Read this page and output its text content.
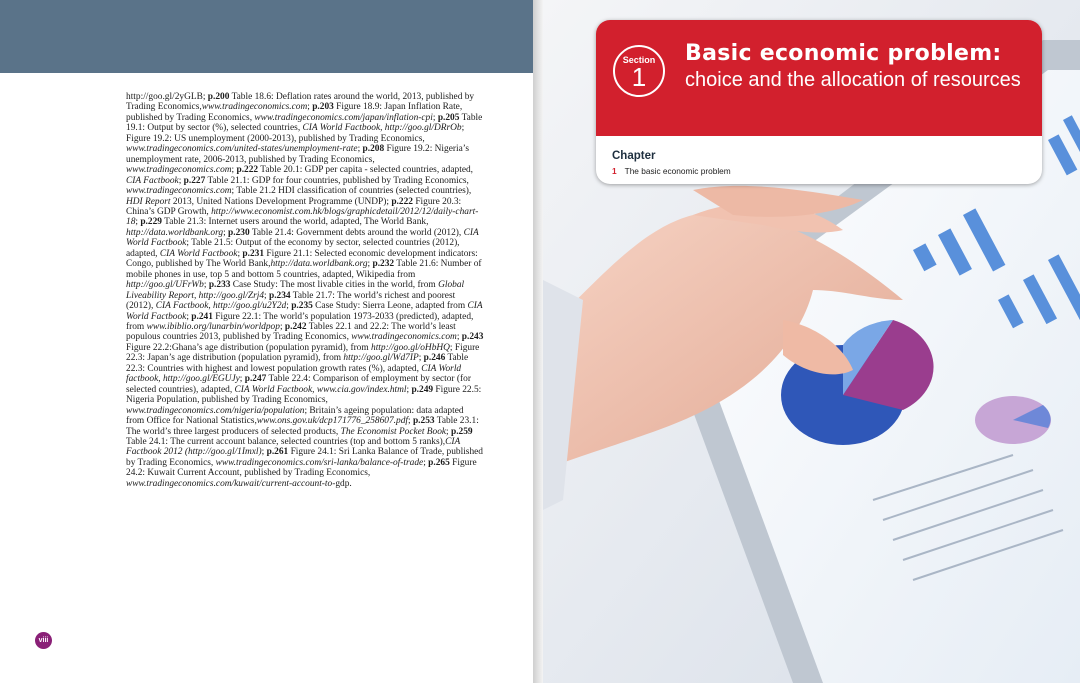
http://goo.gl/2yGLB; p.200 Table 18.6: Deflation rates around the world, 2013, published by Trading Economics,www.tradingeconomics.com; p.203 Figure 18.9: Japan Inflation Rate, published by Trading Economics, www.tradingeconomics.com/japan/inflation-cpi; p.205 Table 19.1: Output by sector (%), selected countries, CIA World Factbook, http://goo.gl/DRrOb; Figure 19.2: US unemployment (2000-2013), published by Trading Economics, www.tradingeconomics.com/united-states/unemployment-rate; p.208 Figure 19.2: Nigeria’s unemployment rate, 2006-2013, published by Trading Economics, www.tradingeconomics.com; p.222 Table 20.1: GDP per capita - selected countries, adapted, CIA Factbook; p.227 Table 21.1: GDP for four countries, published by Trading Economics, www.tradingeconomics.com; Table 21.2 HDI classification of countries (selected countries), HDI Report 2013, United Nations Development Programme (UNDP); p.222 Figure 20.3: China’s GDP Growth, http://www.economist.com.hk/blogs/graphicdetail/2012/12/daily-chart-18; p.229 Table 21.3: Internet users around the world, adapted, The World Bank, http://data.worldbank.org; p.230 Table 21.4: Government debts around the world (2012), CIA World Factbook; Table 21.5: Output of the economy by sector, selected countries (2012), adapted, CIA World Factbook; p.231 Figure 21.1: Selected economic development indicators: Congo, published by The World Bank,http://data.worldbank.org; p.232 Table 21.6: Number of mobile phones in use, top 5 and bottom 5 countries, adapted, Wikipedia from http://goo.gl/UFrWb; p.233 Case Study: The most livable cities in the world, from Global Liveability Report, http://goo.gl/Zrj4; p.234 Table 21.7: The world’s richest and poorest (2012), CIA Factbook, http://goo.gl/u2Y2d; p.235 Case Study: Sierra Leone, adapted from CIA World Factbook; p.241 Figure 22.1: The world’s population 1973-2033 (predicted), adapted, from www.ibiblio.org/lunarbin/worldpop; p.242 Tables 22.1 and 22.2: The world’s least populous countries 2013, published by Trading Economics, www.tradingeconomics.com; p.243 Figure 22.2:Ghana’s age distribution (population pyramid), from http://goo.gl/oHbHQ; Figure 22.3: Japan’s age distribution (population pyramid), from http://goo.gl/Wd7IP; p.246 Table 22.3: Countries with highest and lowest population growth rates (%), adapted, CIA World factbook, http://goo.gl/EGUJy; p.247 Table 22.4: Comparison of employment by sector (for selected countries), adapted, CIA World Factbook, www.cia.gov/index.html; p.249 Figure 22.5: Nigeria Population, published by Trading Economics, www.tradingeconomics.com/nigeria/population; Britain’s ageing population: data adapted from Office for National Statistics,www.ons.gov.uk/dcp171776_258607.pdf; p.253 Table 23.1: The world’s three largest producers of selected products, The Economist Pocket Book; p.259 Table 24.1: The current account balance, selected countries (top and bottom 5 ranks),CIA Factbook 2012 (http://goo.gl/1Imxl); p.261 Figure 24.1: Sri Lanka Balance of Trade, published by Trading Economics, www.tradingeconomics.com/sri-lanka/balance-of-trade; p.265 Figure 24.2: Kuwait Current Account, published by Trading Economics, www.tradingeconomics.com/kuwait/current-account-to-gdp.
viii
Section
1
Basic economic problem:
choice and the allocation of resources
Chapter
1 The basic economic problem
